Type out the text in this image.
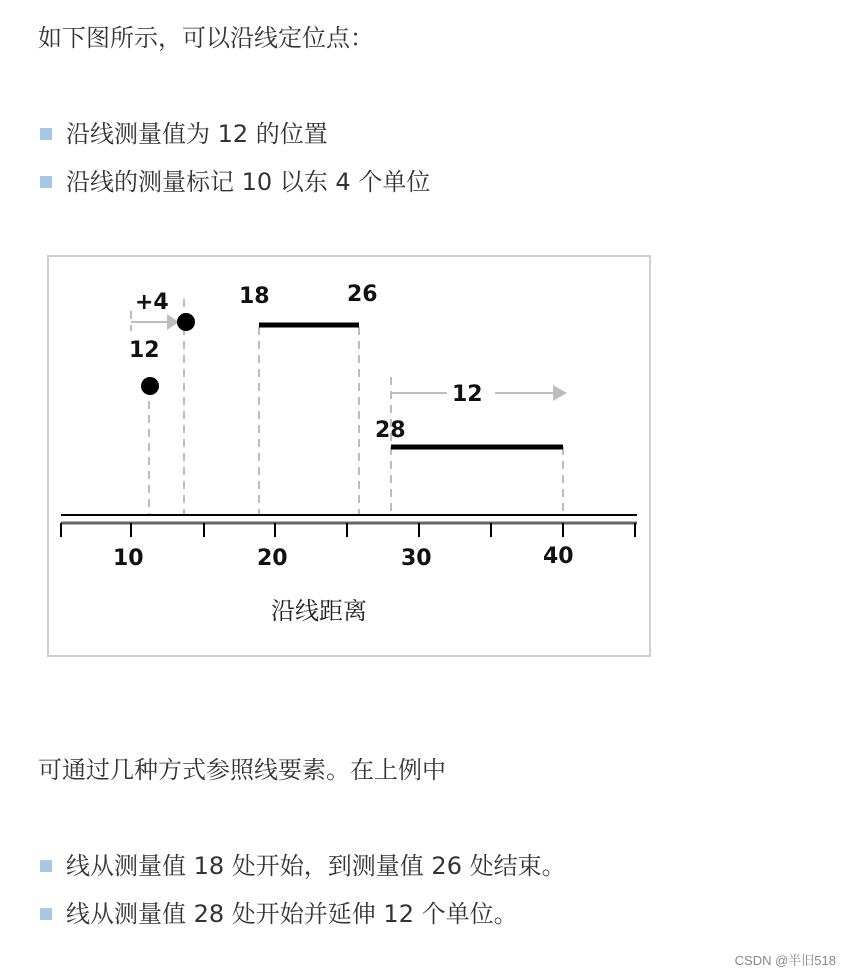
如下图所示，可以沿线定位点：

沿线测量值为 12 的位置
沿线的测量标记 10 以东 4 个单位
+4
12
18	26
28
12
10	20	30	40
沿线距离

可通过几种方式参照线要素。在上例中

线从测量值 18 处开始，到测量值 26 处结束。
线从测量值 28 处开始并延伸 12 个单位。
CSDN @半旧518
